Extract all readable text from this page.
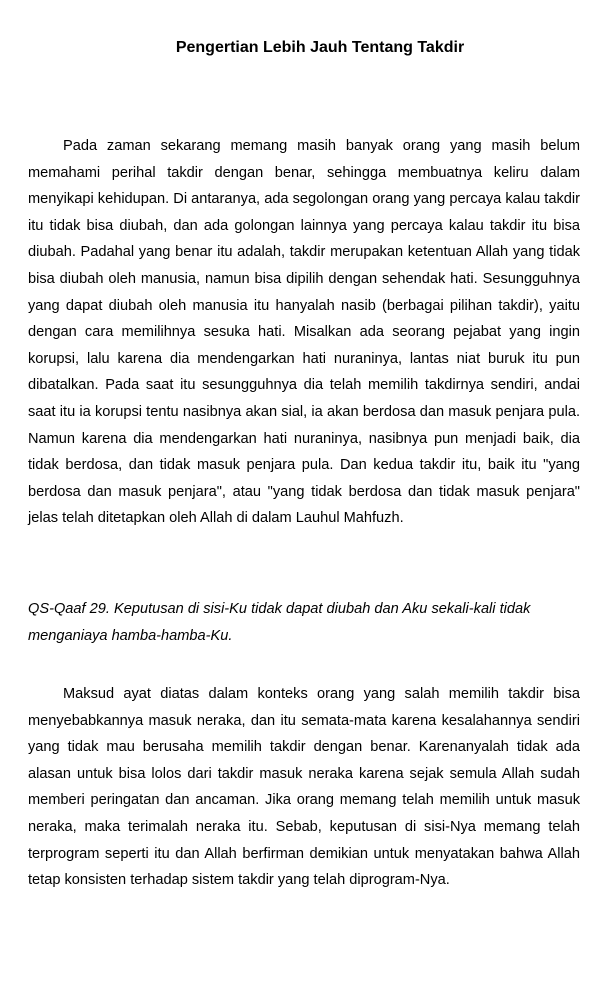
Pengertian Lebih Jauh Tentang Takdir

Pada zaman sekarang memang masih banyak orang yang masih belum memahami perihal takdir dengan benar, sehingga membuatnya keliru dalam menyikapi kehidupan. Di antaranya, ada segolongan orang yang percaya kalau takdir itu tidak bisa diubah, dan ada golongan lainnya yang percaya kalau takdir itu bisa diubah. Padahal yang benar itu adalah, takdir merupakan ketentuan Allah yang tidak bisa diubah oleh manusia, namun bisa dipilih dengan sehendak hati. Sesungguhnya yang dapat diubah oleh manusia itu hanyalah nasib (berbagai pilihan takdir), yaitu dengan cara memilihnya sesuka hati. Misalkan ada seorang pejabat yang ingin korupsi, lalu karena dia mendengarkan hati nuraninya, lantas niat buruk itu pun dibatalkan. Pada saat itu sesungguhnya dia telah memilih takdirnya sendiri, andai saat itu ia korupsi tentu nasibnya akan sial, ia akan berdosa dan masuk penjara pula. Namun karena dia mendengarkan hati nuraninya, nasibnya pun menjadi baik, dia tidak berdosa, dan tidak masuk penjara pula. Dan kedua takdir itu, baik itu "yang berdosa dan masuk penjara", atau "yang tidak berdosa dan tidak masuk penjara" jelas telah ditetapkan oleh Allah di dalam Lauhul Mahfuzh.

QS-Qaaf 29. Keputusan di sisi-Ku tidak dapat diubah dan Aku sekali-kali tidak menganiaya hamba-hamba-Ku.

Maksud ayat diatas dalam konteks orang yang salah memilih takdir bisa menyebabkannya masuk neraka, dan itu semata-mata karena kesalahannya sendiri yang tidak mau berusaha memilih takdir dengan benar. Karenanyalah tidak ada alasan untuk bisa lolos dari takdir masuk neraka karena sejak semula Allah sudah memberi peringatan dan ancaman. Jika orang memang telah memilih untuk masuk neraka, maka terimalah neraka itu. Sebab, keputusan di sisi-Nya memang telah terprogram seperti itu dan Allah berfirman demikian untuk menyatakan bahwa Allah tetap konsisten terhadap sistem takdir yang telah diprogram-Nya.
